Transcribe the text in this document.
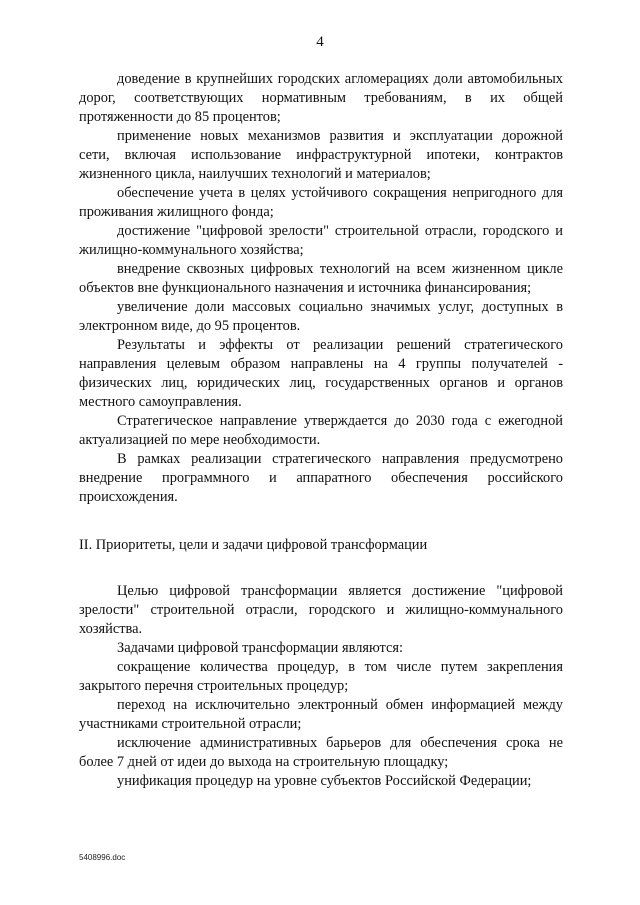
4

доведение в крупнейших городских агломерациях доли автомобильных дорог, соответствующих нормативным требованиям, в их общей протяженности до 85 процентов;

применение новых механизмов развития и эксплуатации дорожной сети, включая использование инфраструктурной ипотеки, контрактов жизненного цикла, наилучших технологий и материалов;

обеспечение учета в целях устойчивого сокращения непригодного для проживания жилищного фонда;

достижение "цифровой зрелости" строительной отрасли, городского и жилищно-коммунального хозяйства;

внедрение сквозных цифровых технологий на всем жизненном цикле объектов вне функционального назначения и источника финансирования;

увеличение доли массовых социально значимых услуг, доступных в электронном виде, до 95 процентов.

Результаты и эффекты от реализации решений стратегического направления целевым образом направлены на 4 группы получателей - физических лиц, юридических лиц, государственных органов и органов местного самоуправления.

Стратегическое направление утверждается до 2030 года с ежегодной актуализацией по мере необходимости.

В рамках реализации стратегического направления предусмотрено внедрение программного и аппаратного обеспечения российского происхождения.

II. Приоритеты, цели и задачи цифровой трансформации

Целью цифровой трансформации является достижение "цифровой зрелости" строительной отрасли, городского и жилищно-коммунального хозяйства.

Задачами цифровой трансформации являются:

сокращение количества процедур, в том числе путем закрепления закрытого перечня строительных процедур;

переход на исключительно электронный обмен информацией между участниками строительной отрасли;

исключение административных барьеров для обеспечения срока не более 7 дней от идеи до выхода на строительную площадку;

унификация процедур на уровне субъектов Российской Федерации;

5408996.doc
